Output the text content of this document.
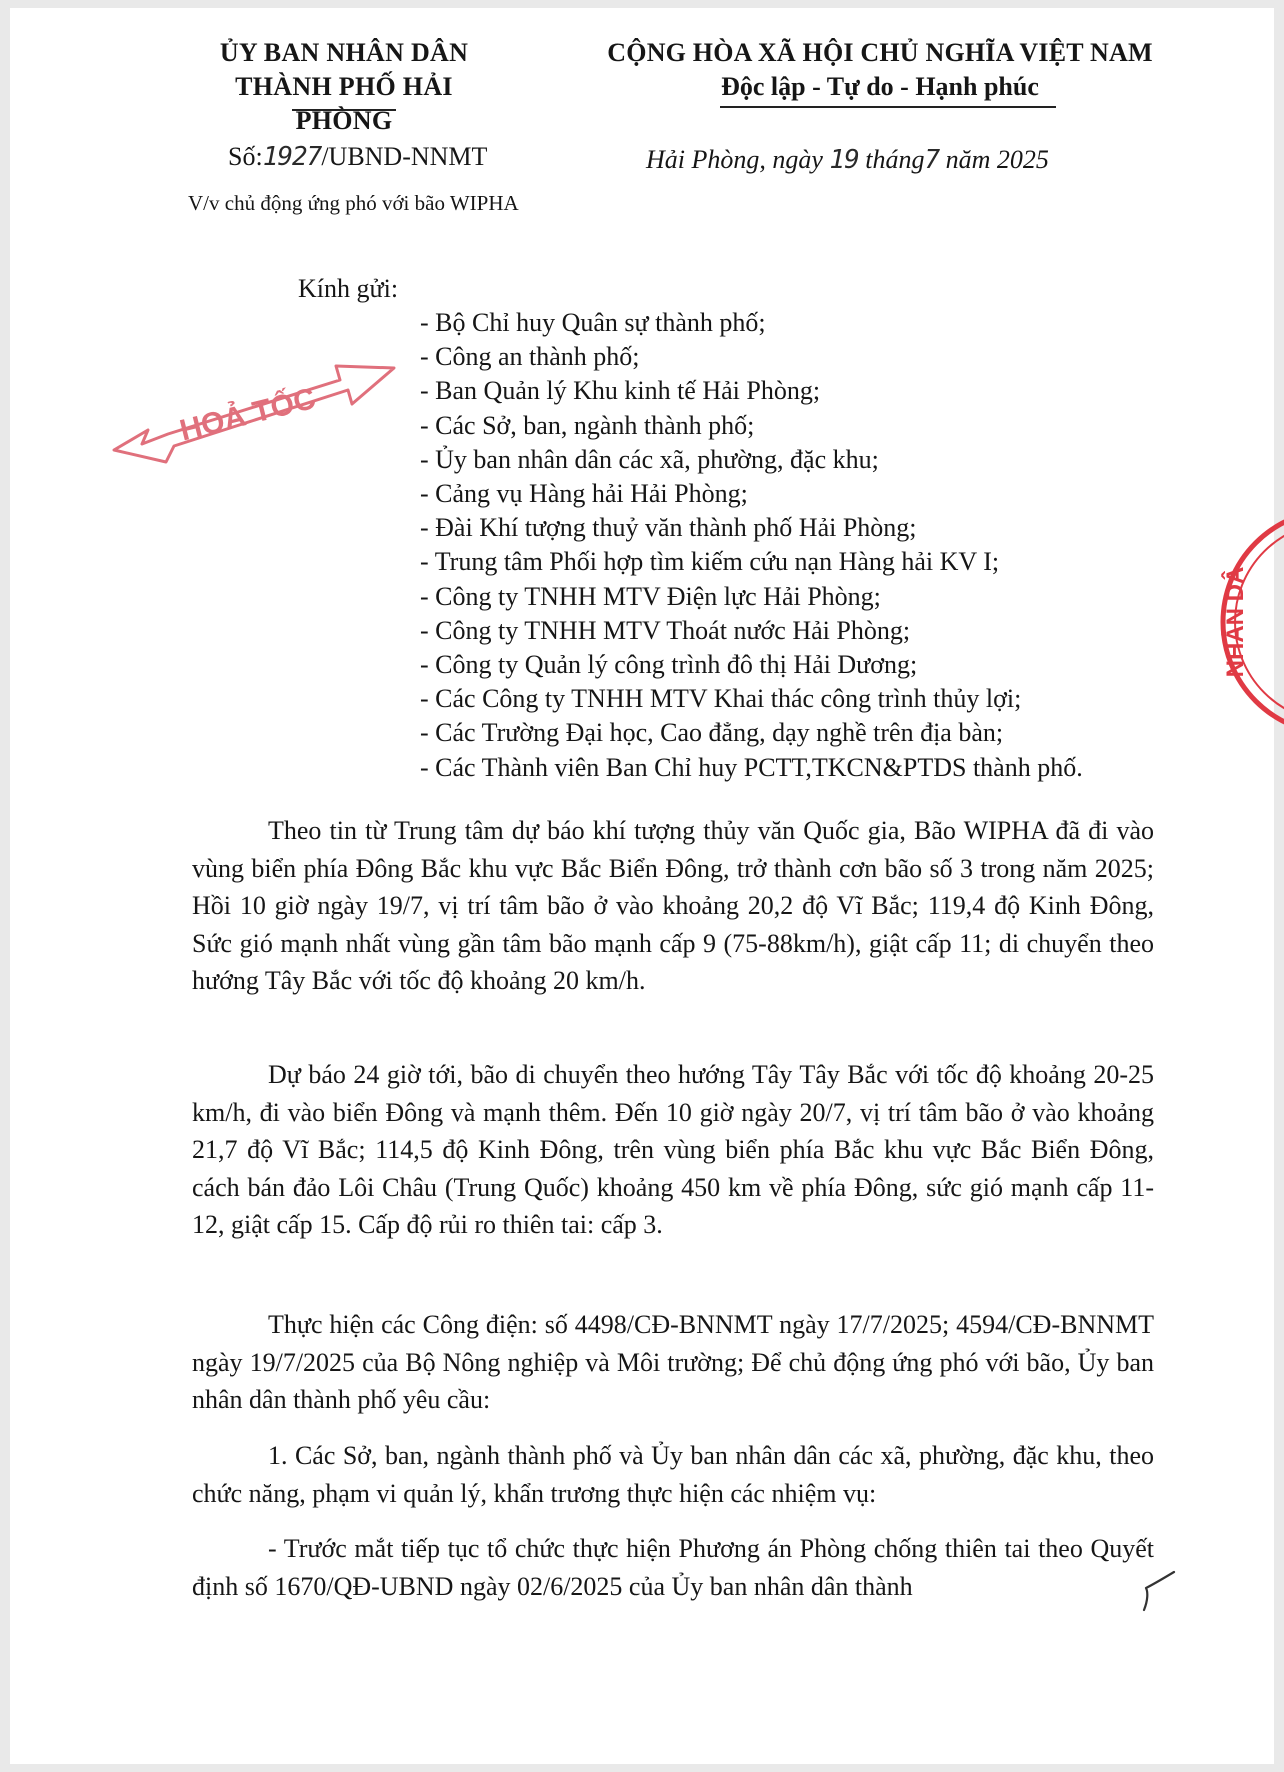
ỦY BAN NHÂN DÂN
THÀNH PHỐ HẢI PHÒNG
CỘNG HÒA XÃ HỘI CHỦ NGHĨA VIỆT NAM
Độc lập - Tự do - Hạnh phúc
Số:1927/UBND-NNMT	Hải Phòng, ngày 19 tháng7 năm 2025
V/v chủ động ứng phó với bão WIPHA
HOẢ TỐC
NHÂN DÂ
Kính gửi:
- Bộ Chỉ huy Quân sự thành phố;
- Công an thành phố;
- Ban Quản lý Khu kinh tế Hải Phòng;
- Các Sở, ban, ngành thành phố;
- Ủy ban nhân dân các xã, phường, đặc khu;
- Cảng vụ Hàng hải Hải Phòng;
- Đài Khí tượng thuỷ văn thành phố Hải Phòng;
- Trung tâm Phối hợp tìm kiếm cứu nạn Hàng hải KV I;
- Công ty TNHH MTV Điện lực Hải Phòng;
- Công ty TNHH MTV Thoát nước Hải Phòng;
- Công ty Quản lý công trình đô thị Hải Dương;
- Các Công ty TNHH MTV Khai thác công trình thủy lợi;
- Các Trường Đại học, Cao đẳng, dạy nghề trên địa bàn;
- Các Thành viên Ban Chỉ huy PCTT,TKCN&PTDS thành phố.

Theo tin từ Trung tâm dự báo khí tượng thủy văn Quốc gia, Bão WIPHA đã đi vào vùng biển phía Đông Bắc khu vực Bắc Biển Đông, trở thành cơn bão số 3 trong năm 2025; Hồi 10 giờ ngày 19/7, vị trí tâm bão ở vào khoảng 20,2 độ Vĩ Bắc; 119,4 độ Kinh Đông, Sức gió mạnh nhất vùng gần tâm bão mạnh cấp 9 (75-88km/h), giật cấp 11; di chuyển theo hướng Tây Bắc với tốc độ khoảng 20 km/h.

Dự báo 24 giờ tới, bão di chuyển theo hướng Tây Tây Bắc với tốc độ khoảng 20-25 km/h, đi vào biển Đông và mạnh thêm. Đến 10 giờ ngày 20/7, vị trí tâm bão ở vào khoảng 21,7 độ Vĩ Bắc; 114,5 độ Kinh Đông, trên vùng biển phía Bắc khu vực Bắc Biển Đông, cách bán đảo Lôi Châu (Trung Quốc) khoảng 450 km về phía Đông, sức gió mạnh cấp 11-12, giật cấp 15. Cấp độ rủi ro thiên tai: cấp 3.

Thực hiện các Công điện: số 4498/CĐ-BNNMT ngày 17/7/2025; 4594/CĐ-BNNMT ngày 19/7/2025 của Bộ Nông nghiệp và Môi trường; Để chủ động ứng phó với bão, Ủy ban nhân dân thành phố yêu cầu:

1. Các Sở, ban, ngành thành phố và Ủy ban nhân dân các xã, phường, đặc khu, theo chức năng, phạm vi quản lý, khẩn trương thực hiện các nhiệm vụ:

- Trước mắt tiếp tục tổ chức thực hiện Phương án Phòng chống thiên tai theo Quyết định số 1670/QĐ-UBND ngày 02/6/2025 của Ủy ban nhân dân thành
